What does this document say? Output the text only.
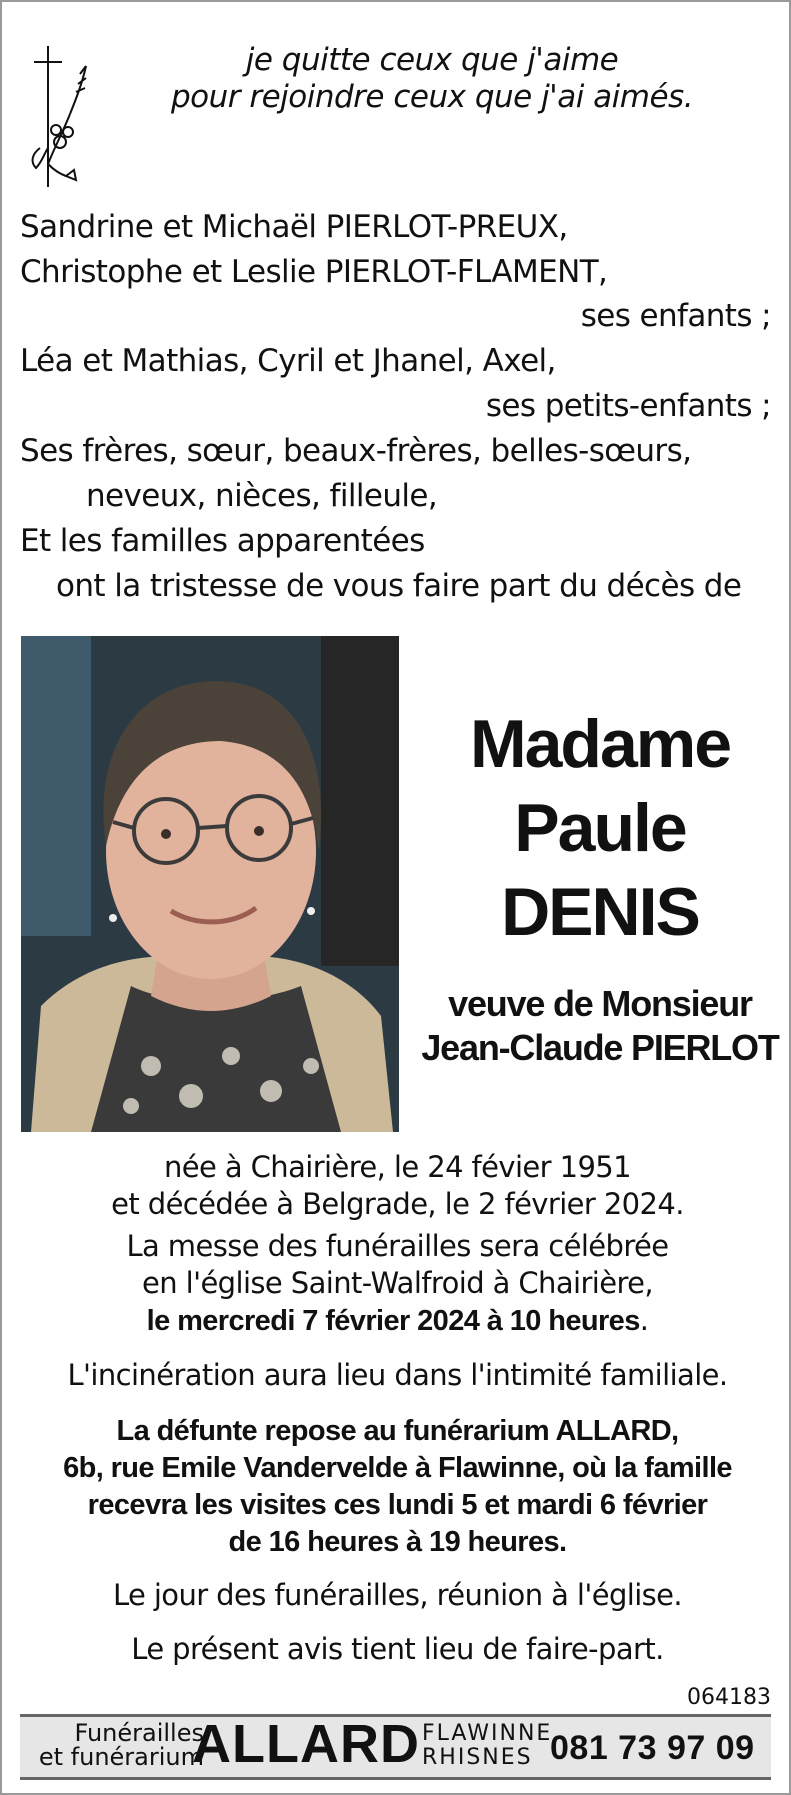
je quitte ceux que j'aime
pour rejoindre ceux que j'ai aimés.
Sandrine et Michaël PIERLOT-PREUX,
Christophe et Leslie PIERLOT-FLAMENT,
ses enfants ;
Léa et Mathias, Cyril et Jhanel, Axel,
ses petits-enfants ;
Ses frères, sœur, beaux-frères, belles-sœurs,
neveux, nièces, filleule,
Et les familles apparentées
ont la tristesse de vous faire part du décès de
Madame
Paule
DENIS
veuve de Monsieur
Jean-Claude PIERLOT
née à Chairière, le 24 févier 1951
et décédée à Belgrade, le 2 février 2024.
La messe des funérailles sera célébrée
en l'église Saint-Walfroid à Chairière,
le mercredi 7 février 2024 à 10 heures.
L'incinération aura lieu dans l'intimité familiale.
La défunte repose au funérarium ALLARD,
6b, rue Emile Vandervelde à Flawinne, où la famille
recevra les visites ces lundi 5 et mardi 6 février
de 16 heures à 19 heures.
Le jour des funérailles, réunion à l'église.
Le présent avis tient lieu de faire-part.
064183
Funérailles
et funérarium
ALLARD FLAWINNE
RHISNES 081 73 97 09
